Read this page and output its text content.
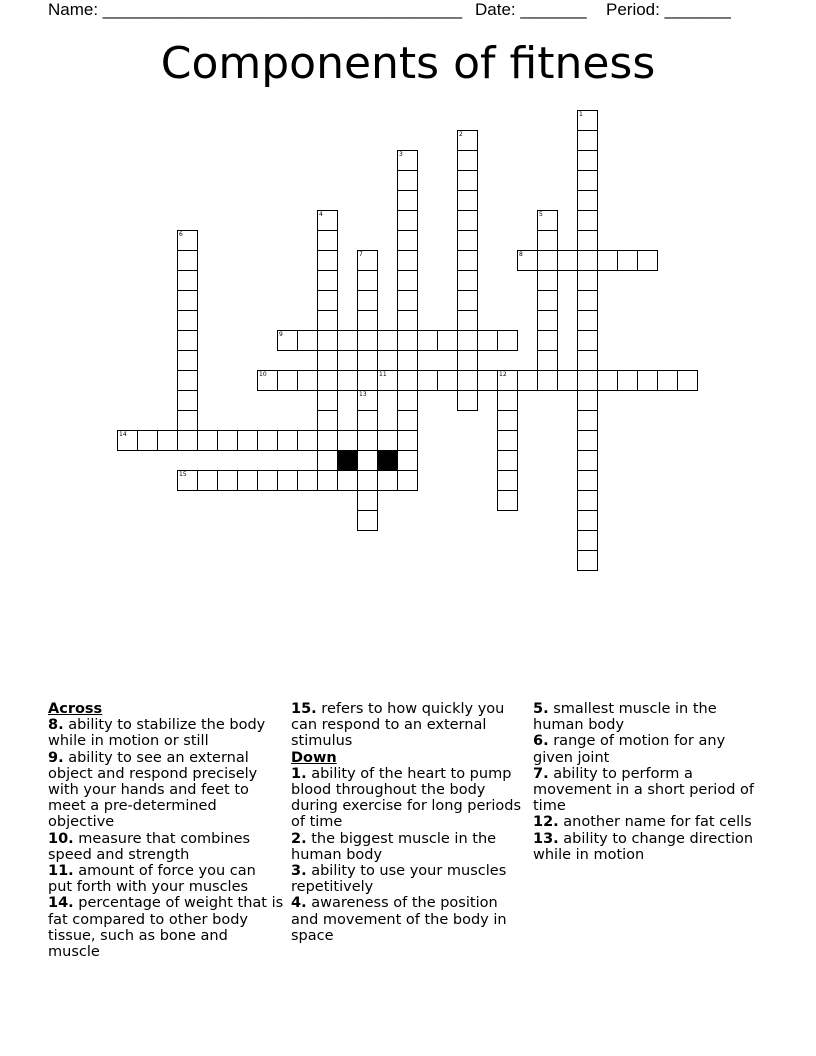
Name: ______________________________________ Date: _______ Period: _______
Components of fitness
1
2
3
4	5
6
7	8
9
10	11	12
13
14
15
Across
8. ability to stabilize the body while in motion or still
9. ability to see an external object and respond precisely with your hands and feet to meet a pre-determined objective
10. measure that combines speed and strength
11. amount of force you can put forth with your muscles
14. percentage of weight that is fat compared to other body tissue, such as bone and muscle
15. refers to how quickly you can respond to an external stimulus
Down
1. ability of the heart to pump blood throughout the body during exercise for long periods of time
2. the biggest muscle in the human body
3. ability to use your muscles repetitively
4. awareness of the position and movement of the body in space
5. smallest muscle in the human body
6. range of motion for any given joint
7. ability to perform a movement in a short period of time
12. another name for fat cells
13. ability to change direction while in motion
